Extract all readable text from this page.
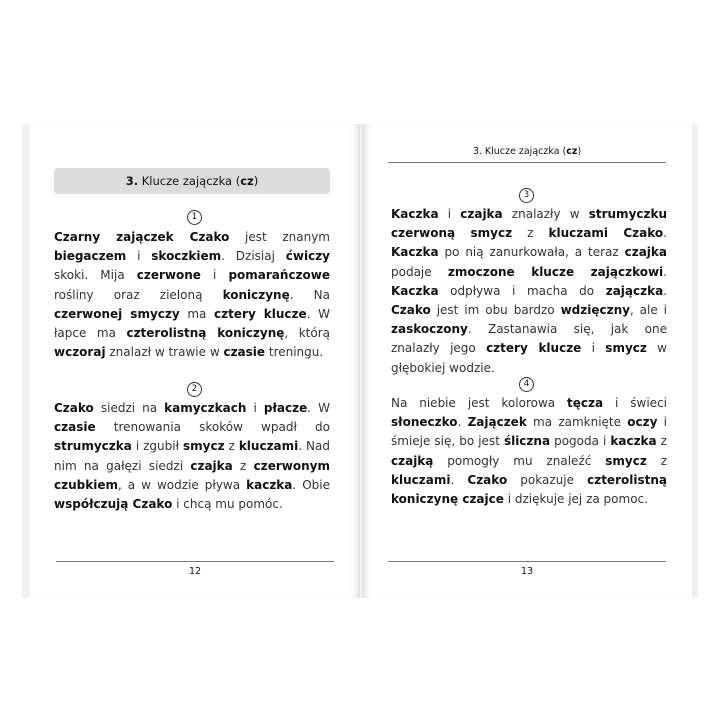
3. Klucze zajączka (cz)
1
Czarny zajączek Czako jest znanym biegaczem i skoczkiem. Dzisiaj ćwiczy skoki. Mija czerwone i pomarańczowe rośliny oraz zieloną koniczynę. Na czerwonej smyczy ma cztery klucze. W łapce ma czterolistną koniczynę, którą wczoraj znalazł w trawie w czasie treningu.
2
Czako siedzi na kamyczkach i płacze. W czasie trenowania skoków wpadł do strumyczka i zgubił smycz z kluczami. Nad nim na gałęzi siedzi czajka z czerwonym czubkiem, a w wodzie pływa kaczka. Obie współczują Czako i chcą mu pomóc.
12
3. Klucze zajączka (cz)
3
Kaczka i czajka znalazły w strumyczku czerwoną smycz z kluczami Czako. Kaczka po nią zanurkowała, a teraz czajka podaje zmoczone klucze zajączkowi. Kaczka odpływa i macha do zajączka. Czako jest im obu bardzo wdzięczny, ale i zaskoczony. Zastanawia się, jak one znalazły jego cztery klucze i smycz w głębokiej wodzie.
4
Na niebie jest kolorowa tęcza i świeci słoneczko. Zajączek ma zamknięte oczy i śmieje się, bo jest śliczna pogoda i kaczka z czajką pomogły mu znaleźć smycz z kluczami. Czako pokazuje czterolistną koniczynę czajce i dziękuje jej za pomoc.
13
